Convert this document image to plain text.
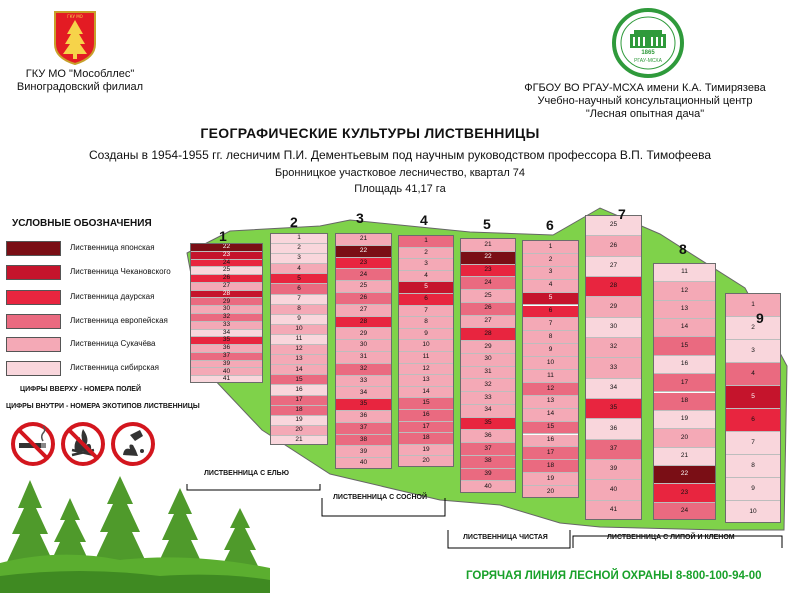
ГКУ МО
ГКУ МО "Мособллес"
Виноградовский филиал
1865
РГАУ-МСХА
ФГБОУ ВО РГАУ-МСХА имени К.А. Тимирязева
Учебно-научный консультационный центр
"Лесная опытная дача"
ГЕОГРАФИЧЕСКИЕ КУЛЬТУРЫ ЛИСТВЕННИЦЫ
Созданы в 1954-1955 гг. лесничим П.И. Дементьевым под научным руководством профессора В.П. Тимофеева
Бронницкое участковое лесничество, квартал 74
Площадь 41,17 га
УСЛОВНЫЕ ОБОЗНАЧЕНИЯ
Лиственница японская
Лиственница Чекановского
Лиственница даурская
Лиственница европейская
Лиственница Сукачёва
Лиственница сибирская
ЦИФРЫ ВВЕРХУ - НОМЕРА ПОЛЕЙ
ЦИФРЫ ВНУТРИ - НОМЕРА ЭКОТИПОВ ЛИСТВЕННИЦЫ
22
23
24
25
26
27
28
29
30
32
33
34
35
36
37
39
40
41
1	1
2
3
4
5
6
7
8
9
10
11
12
13
14
15
16
17
18
19
20
21
2
21
22
23
24
25
26
27
28
29
30
31
32
33
34
35
36
37
38
39
40
3
1
2
3
4
5
6
7
8
9
10
11
12
13
14
15
16
17
18
19
20
4
21
22
23
24
25
26
27
28
29
30
31
32
33
34
35
36
37
38
39
40
5
1
2
3
4
5
6
7
8
9
10
11
12
13
14
15
16
17
18
19
20
6	25
26
27
28
29
30
32
33
34
35
36
37
39
40
41
7
11
12
13
14
15
16
17
18
19
20
21
22
23
24
8
1
2
3
4
5
6
7
8
9
10
9
ЛИСТВЕННИЦА С ЕЛЬЮ
ЛИСТВЕННИЦА С СОСНОЙ
ЛИСТВЕННИЦА ЧИСТАЯ	ЛИСТВЕННИЦА С ЛИПОЙ И КЛЕНОМ
ГОРЯЧАЯ ЛИНИЯ ЛЕСНОЙ ОХРАНЫ 8-800-100-94-00
